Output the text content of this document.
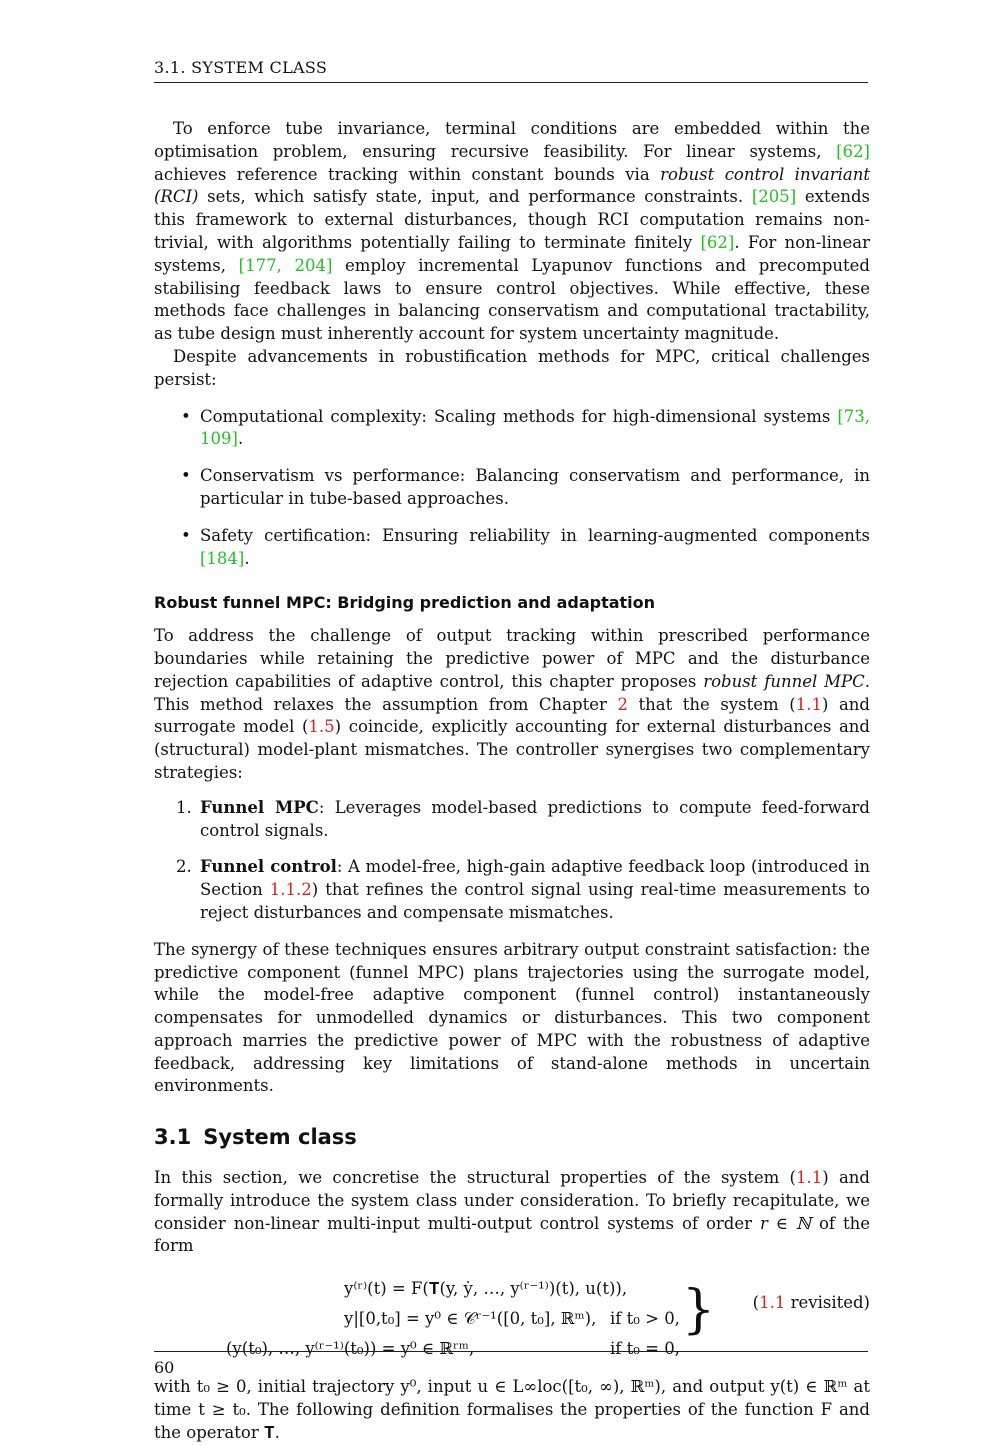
3.1. SYSTEM CLASS

To enforce tube invariance, terminal conditions are embedded within the optimisation problem, ensuring recursive feasibility. For linear systems, [62] achieves reference tracking within constant bounds via robust control invariant (RCI) sets, which satisfy state, input, and performance constraints. [205] extends this framework to external disturbances, though RCI computation remains non-trivial, with algorithms potentially failing to terminate finitely [62]. For non-linear systems, [177, 204] employ incremental Lyapunov functions and precomputed stabilising feedback laws to ensure control objectives. While effective, these methods face challenges in balancing conservatism and computational tractability, as tube design must inherently account for system uncertainty magnitude.

Despite advancements in robustification methods for MPC, critical challenges persist:

• Computational complexity: Scaling methods for high-dimensional systems [73, 109].
• Conservatism vs performance: Balancing conservatism and performance, in particular in tube-based approaches.
• Safety certification: Ensuring reliability in learning-augmented components [184].
Robust funnel MPC: Bridging prediction and adaptation

To address the challenge of output tracking within prescribed performance boundaries while retaining the predictive power of MPC and the disturbance rejection capabilities of adaptive control, this chapter proposes robust funnel MPC. This method relaxes the assumption from Chapter 2 that the system (1.1) and surrogate model (1.5) coincide, explicitly accounting for external disturbances and (structural) model-plant mismatches. The controller synergises two complementary strategies:

1. Funnel MPC: Leverages model-based predictions to compute feed-forward control signals.
2. Funnel control: A model-free, high-gain adaptive feedback loop (introduced in Section 1.1.2) that refines the control signal using real-time measurements to reject disturbances and compensate mismatches.

The synergy of these techniques ensures arbitrary output constraint satisfaction: the predictive component (funnel MPC) plans trajectories using the surrogate model, while the model-free adaptive component (funnel control) instantaneously compensates for unmodelled dynamics or disturbances. This two component approach marries the predictive power of MPC with the robustness of adaptive feedback, addressing key limitations of stand-alone methods in uncertain environments.

3.1 System class

In this section, we concretise the structural properties of the system (1.1) and formally introduce the system class under consideration. To briefly recapitulate, we consider non-linear multi-input multi-output control systems of order r ∈ ℕ of the form

y⁽ʳ⁾(t) = F(𝐓(y, ẏ, …, y⁽ʳ⁻¹⁾)(t), u(t)),
y|[0,t₀] = y⁰ ∈ 𝒞ʳ⁻¹([0, t₀], ℝᵐ), if t₀ > 0,
(y(t₀), …, y⁽ʳ⁻¹⁾(t₀)) = y⁰ ∈ ℝʳᵐ,	if t₀ = 0,
} (1.1 revisited)

with t₀ ≥ 0, initial trajectory y⁰, input u ∈ L∞loc([t₀, ∞), ℝᵐ), and output y(t) ∈ ℝᵐ at time t ≥ t₀. The following definition formalises the properties of the function F and the operator 𝐓.

60
